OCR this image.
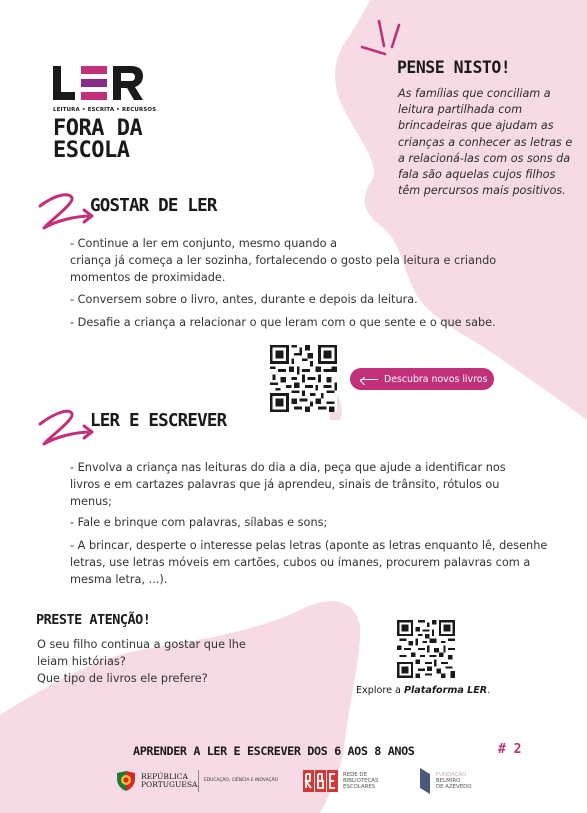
LEITURA • ESCRITA • RECURSOS
FORA DA
ESCOLA
PENSE NISTO!
As famílias que conciliam a leitura partilhada com brincadeiras que ajudam as crianças a conhecer as letras e a relacioná-las com os sons da fala são aquelas cujos filhos têm percursos mais positivos.
GOSTAR DE LER
- Continue a ler em conjunto, mesmo quando a
criança já começa a ler sozinha, fortalecendo o gosto pela leitura e criando
momentos de proximidade.
- Conversem sobre o livro, antes, durante e depois da leitura.
- Desafie a criança a relacionar o que leram com o que sente e o que sabe.
Descubra novos livros
LER E ESCREVER
- Envolva a criança nas leituras do dia a dia, peça que ajude a identificar nos
livros e em cartazes palavras que já aprendeu, sinais de trânsito, rótulos ou
menus;
- Fale e brinque com palavras, sílabas e sons;
- A brincar, desperte o interesse pelas letras (aponte as letras enquanto lê, desenhe
letras, use letras móveis em cartões, cubos ou ímanes, procurem palavras com a
mesma letra, ...).
PRESTE ATENÇÃO!
O seu filho continua a gostar que lhe
leiam histórias?
Que tipo de livros ele prefere?
Explore a Plataforma LER.
APRENDER A LER E ESCREVER DOS 6 AOS 8 ANOS	# 2
REPÚBLICA
PORTUGUESA EDUCAÇÃO, CIÊNCIA E INOVAÇÃO
REDE DE
BIBLIOTECAS
ESCOLARES
FUNDAÇÃO
BELMIRO
DE AZEVEDO
